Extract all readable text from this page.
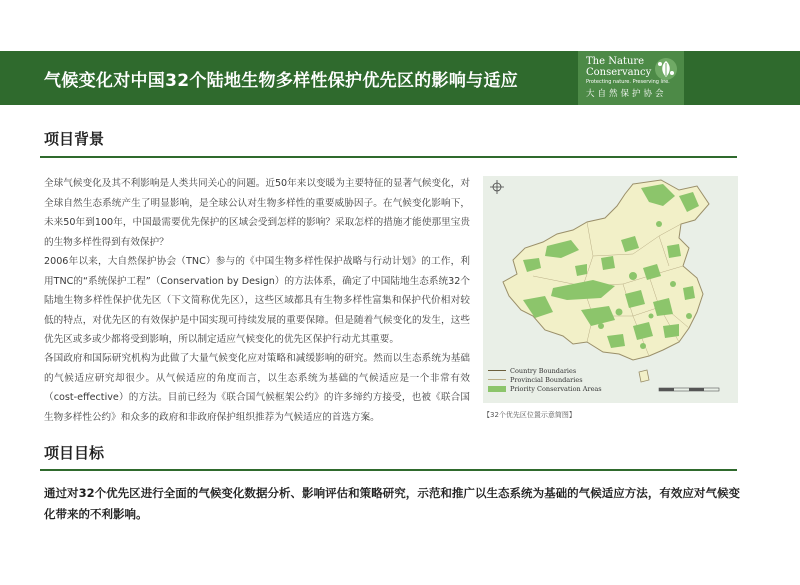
气候变化对中国32个陆地生物多样性保护优先区的影响与适应
The Nature
Conservancy
Protecting nature. Preserving life.
大自然保护协会
项目背景
全球气候变化及其不利影响是人类共同关心的问题。近50年来以变暖为主要特征的显著气候变化，对全球自然生态系统产生了明显影响，是全球公认对生物多样性的重要威胁因子。在气候变化影响下，未来50年到100年，中国最需要优先保护的区域会受到怎样的影响？采取怎样的措施才能使那里宝贵的生物多样性得到有效保护？
2006年以来，大自然保护协会（TNC）参与的《中国生物多样性保护战略与行动计划》的工作，利用TNC的“系统保护工程”（Conservation by Design）的方法体系，确定了中国陆地生态系统32个陆地生物多样性保护优先区（下文简称优先区），这些区域都具有生物多样性富集和保护代价相对较低的特点，对优先区的有效保护是中国实现可持续发展的重要保障。但是随着气候变化的发生，这些优先区或多或少都将受到影响，所以制定适应气候变化的优先区保护行动尤其重要。
各国政府和国际研究机构为此做了大量气候变化应对策略和减缓影响的研究。然而以生态系统为基础的气候适应研究却很少。从气候适应的角度而言，以生态系统为基础的气候适应是一个非常有效（cost-effective）的方法。目前已经为《联合国气候框架公约》的许多缔约方接受，也被《联合国生物多样性公约》和众多的政府和非政府保护组织推荐为气候适应的首选方案。
Country Boundaries
Provincial Boundaries
Priority Conservation Areas
【32个优先区位置示意简图】
项目目标
通过对32个优先区进行全面的气候变化数据分析、影响评估和策略研究，示范和推广以生态系统为基础的气候适应方法，有效应对气候变化带来的不利影响。
